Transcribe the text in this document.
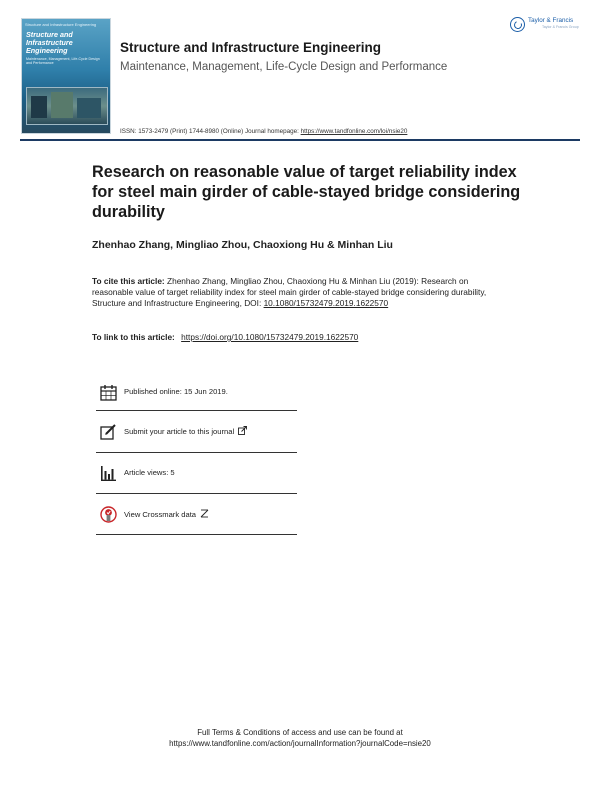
Structure and Infrastructure Engineering
Structure and Infrastructure Engineering
Maintenance, Management, Life-Cycle Design and Performance
Structure and Infrastructure Engineering
Maintenance, Management, Life-Cycle Design and Performance
ISSN: 1573-2479 (Print) 1744-8980 (Online) Journal homepage: https://www.tandfonline.com/loi/nsie20
Taylor & Francis
Taylor & Francis Group
Research on reasonable value of target reliability index for steel main girder of cable-stayed bridge considering durability
Zhenhao Zhang, Mingliao Zhou, Chaoxiong Hu & Minhan Liu
To cite this article: Zhenhao Zhang, Mingliao Zhou, Chaoxiong Hu & Minhan Liu (2019): Research on reasonable value of target reliability index for steel main girder of cable-stayed bridge considering durability, Structure and Infrastructure Engineering, DOI: 10.1080/15732479.2019.1622570
To link to this article: https://doi.org/10.1080/15732479.2019.1622570
Published online: 15 Jun 2019.
Submit your article to this journal
Article views: 5
View Crossmark data
Full Terms & Conditions of access and use can be found at
https://www.tandfonline.com/action/journalInformation?journalCode=nsie20
